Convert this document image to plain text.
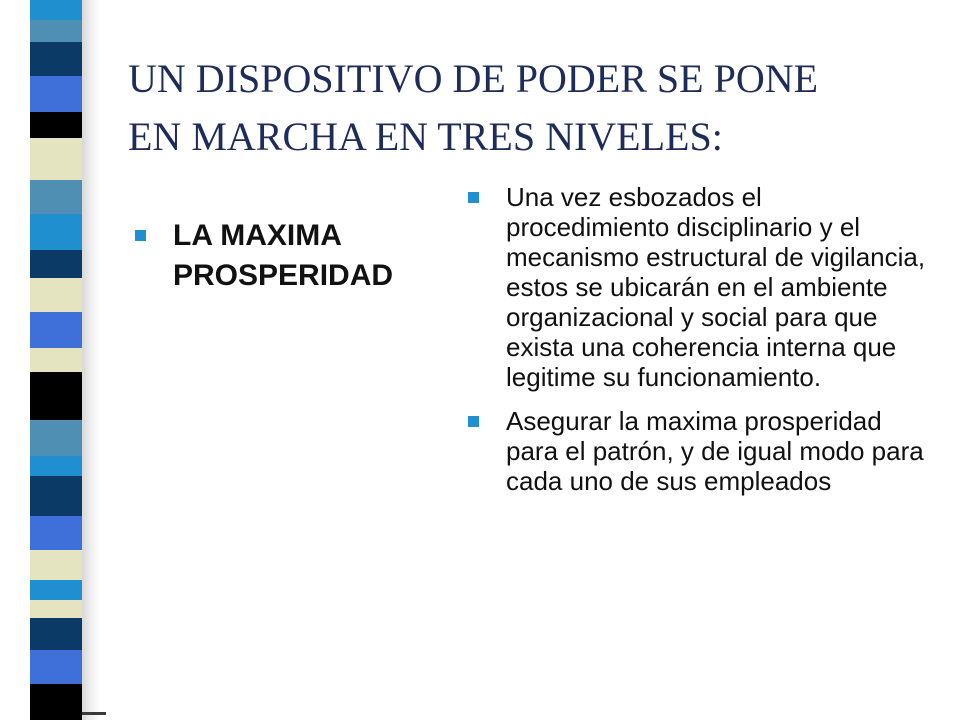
UN DISPOSITIVO DE PODER SE PONE
EN MARCHA EN TRES NIVELES:
LA MAXIMA PROSPERIDAD
Una vez esbozados el procedimiento disciplinario y el mecanismo estructural de vigilancia, estos se ubicarán en el ambiente organizacional y social para que exista una coherencia interna que legitime su funcionamiento.
Asegurar la maxima prosperidad para el patrón, y de igual modo para cada uno de sus empleados
